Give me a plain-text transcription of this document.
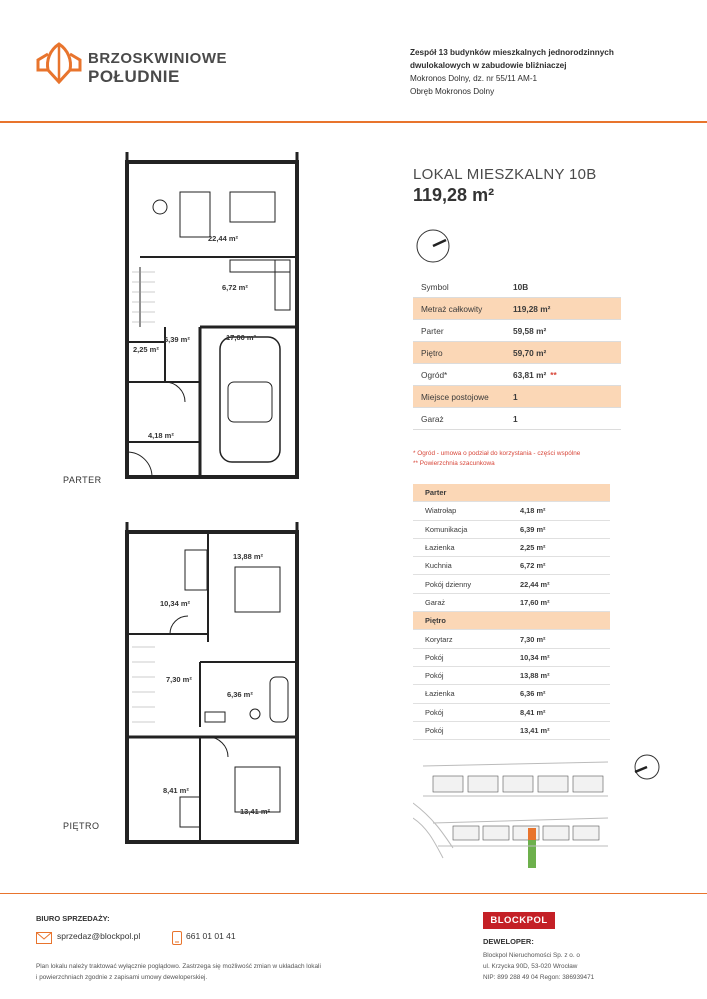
BRZOSKWINIOWE
POŁUDNIE
Zespół 13 budynków mieszkalnych jednorodzinnych
dwulokalowych w zabudowie bliźniaczej
Mokronos Dolny, dz. nr 55/11 AM-1
Obręb Mokronos Dolny
LOKAL MIESZKALNY 10B
119,28 m²
Symbol	10B
Metraż całkowity	119,28 m²
Parter	59,58 m²
Piętro	59,70 m²
Ogród*	63,81 m² **
Miejsce postojowe	1
Garaż	1
* Ogród - umowa o podział do korzystania - części wspólne
** Powierzchnia szacunkowa
Parter	
Wiatrołap	4,18 m²
Komunikacja	6,39 m²
Łazienka	2,25 m²
Kuchnia	6,72 m²
Pokój dzienny	22,44 m²
Garaż	17,60 m²
Piętro	
Korytarz	7,30 m²
Pokój	10,34 m²
Pokój	13,88 m²
Łazienka	6,36 m²
Pokój	8,41 m²
Pokój	13,41 m²
22,44 m²
6,72 m²
6,39 m²
2,25 m²
17,60 m²
4,18 m²
PARTER
13,88 m²
10,34 m²
7,30 m²
6,36 m²
8,41 m²
13,41 m²
PIĘTRO
BIURO SPRZEDAŻY:
sprzedaz@blockpol.pl	661 01 01 41
Plan lokalu należy traktować wyłącznie poglądowo. Zastrzega się możliwość zmian w układach lokali
i powierzchniach zgodnie z zapisami umowy deweloperskiej.
BLOCKPOL
DEWELOPER:
Blockpol Nieruchomości Sp. z o. o
ul. Krzycka 90D, 53-020 Wrocław
NIP: 899 288 49 04 Regon: 386939471
